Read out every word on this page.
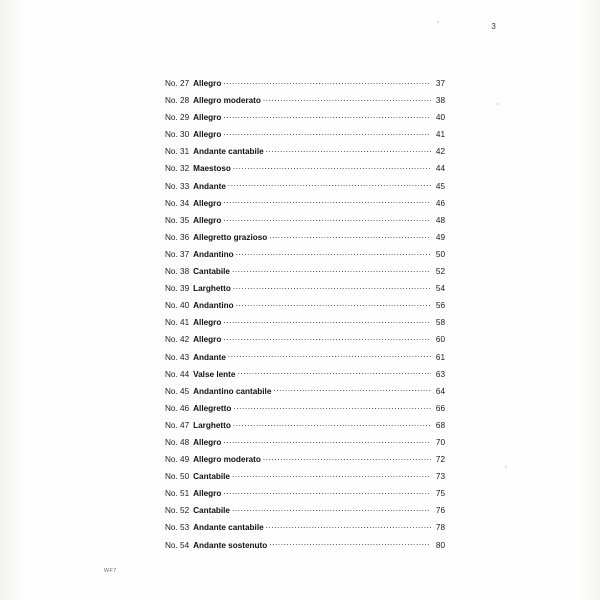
3
No. 27 Allegro .....	37
No. 28 Allegro moderato .....	38
No. 29 Allegro .....	40
No. 30 Allegro .....	41
No. 31 Andante cantabile .....	42
No. 32 Maestoso .....	44
No. 33 Andante .....	45
No. 34 Allegro .....	46
No. 35 Allegro .....	48
No. 36 Allegretto grazioso .....	49
No. 37 Andantino .....	50
No. 38 Cantabile .....	52
No. 39 Larghetto .....	54
No. 40 Andantino .....	56
No. 41 Allegro .....	58
No. 42 Allegro .....	60
No. 43 Andante .....	61
No. 44 Valse lente .....	63
No. 45 Andantino cantabile .....	64
No. 46 Allegretto .....	66
No. 47 Larghetto .....	68
No. 48 Allegro .....	70
No. 49 Allegro moderato .....	72
No. 50 Cantabile .....	73
No. 51 Allegro .....	75
No. 52 Cantabile .....	76
No. 53 Andante cantabile .....	78
No. 54 Andante sostenuto .....	80
WF7
